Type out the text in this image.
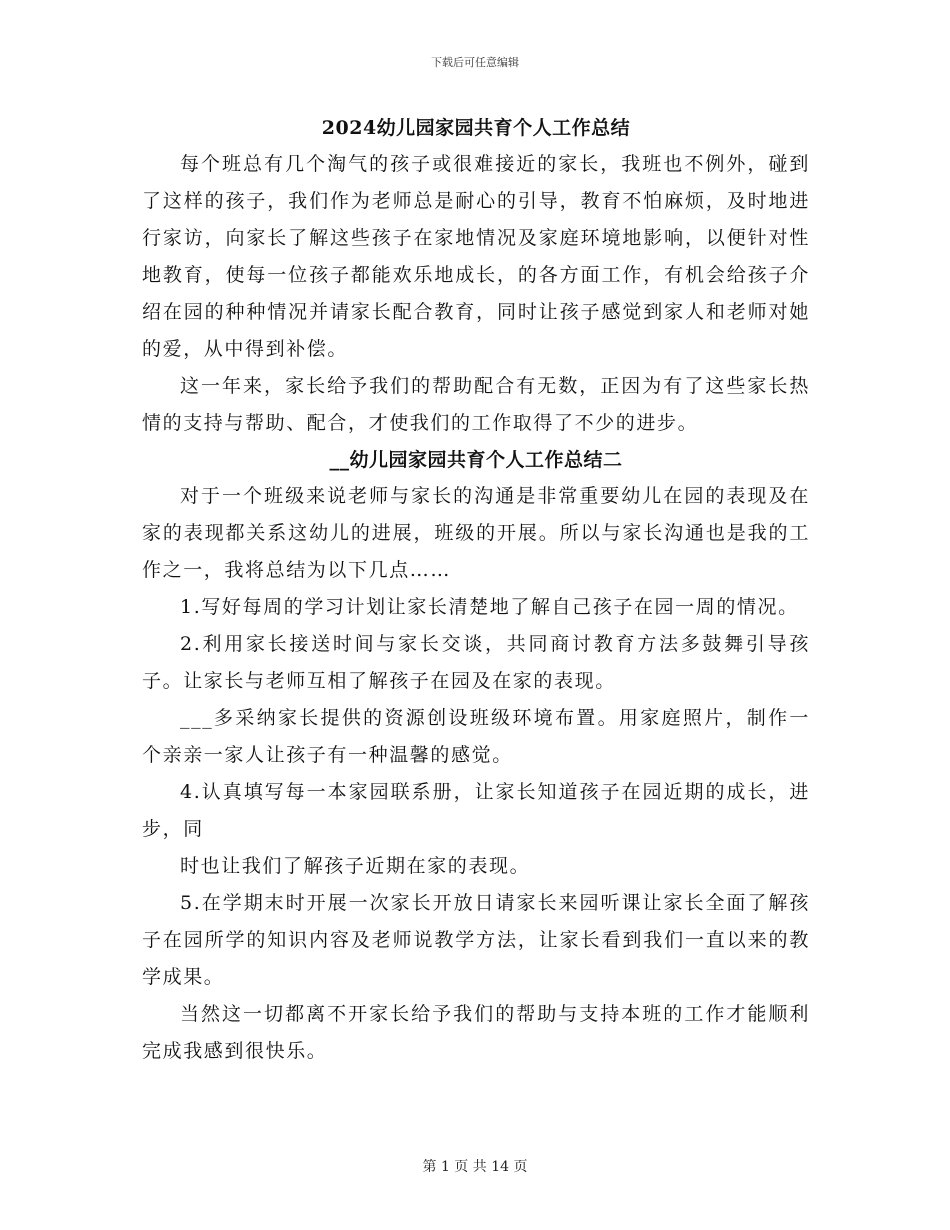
下载后可任意编辑
2024幼儿园家园共育个人工作总结

每个班总有几个淘气的孩子或很难接近的家长，我班也不例外，碰到了这样的孩子，我们作为老师总是耐心的引导，教育不怕麻烦，及时地进行家访，向家长了解这些孩子在家地情况及家庭环境地影响，以便针对性地教育，使每一位孩子都能欢乐地成长，的各方面工作，有机会给孩子介绍在园的种种情况并请家长配合教育，同时让孩子感觉到家人和老师对她的爱，从中得到补偿。

这一年来，家长给予我们的帮助配合有无数，正因为有了这些家长热情的支持与帮助、配合，才使我们的工作取得了不少的进步。

__幼儿园家园共育个人工作总结二

对于一个班级来说老师与家长的沟通是非常重要幼儿在园的表现及在家的表现都关系这幼儿的进展，班级的开展。所以与家长沟通也是我的工作之一，我将总结为以下几点……

1.写好每周的学习计划让家长清楚地了解自己孩子在园一周的情况。

2.利用家长接送时间与家长交谈，共同商讨教育方法多鼓舞引导孩子。让家长与老师互相了解孩子在园及在家的表现。

___多采纳家长提供的资源创设班级环境布置。用家庭照片，制作一个亲亲一家人让孩子有一种温馨的感觉。

4.认真填写每一本家园联系册，让家长知道孩子在园近期的成长，进步，同

时也让我们了解孩子近期在家的表现。

5.在学期末时开展一次家长开放日请家长来园听课让家长全面了解孩子在园所学的知识内容及老师说教学方法，让家长看到我们一直以来的教学成果。

当然这一切都离不开家长给予我们的帮助与支持本班的工作才能顺利完成我感到很快乐。

第 1 页 共 14 页
